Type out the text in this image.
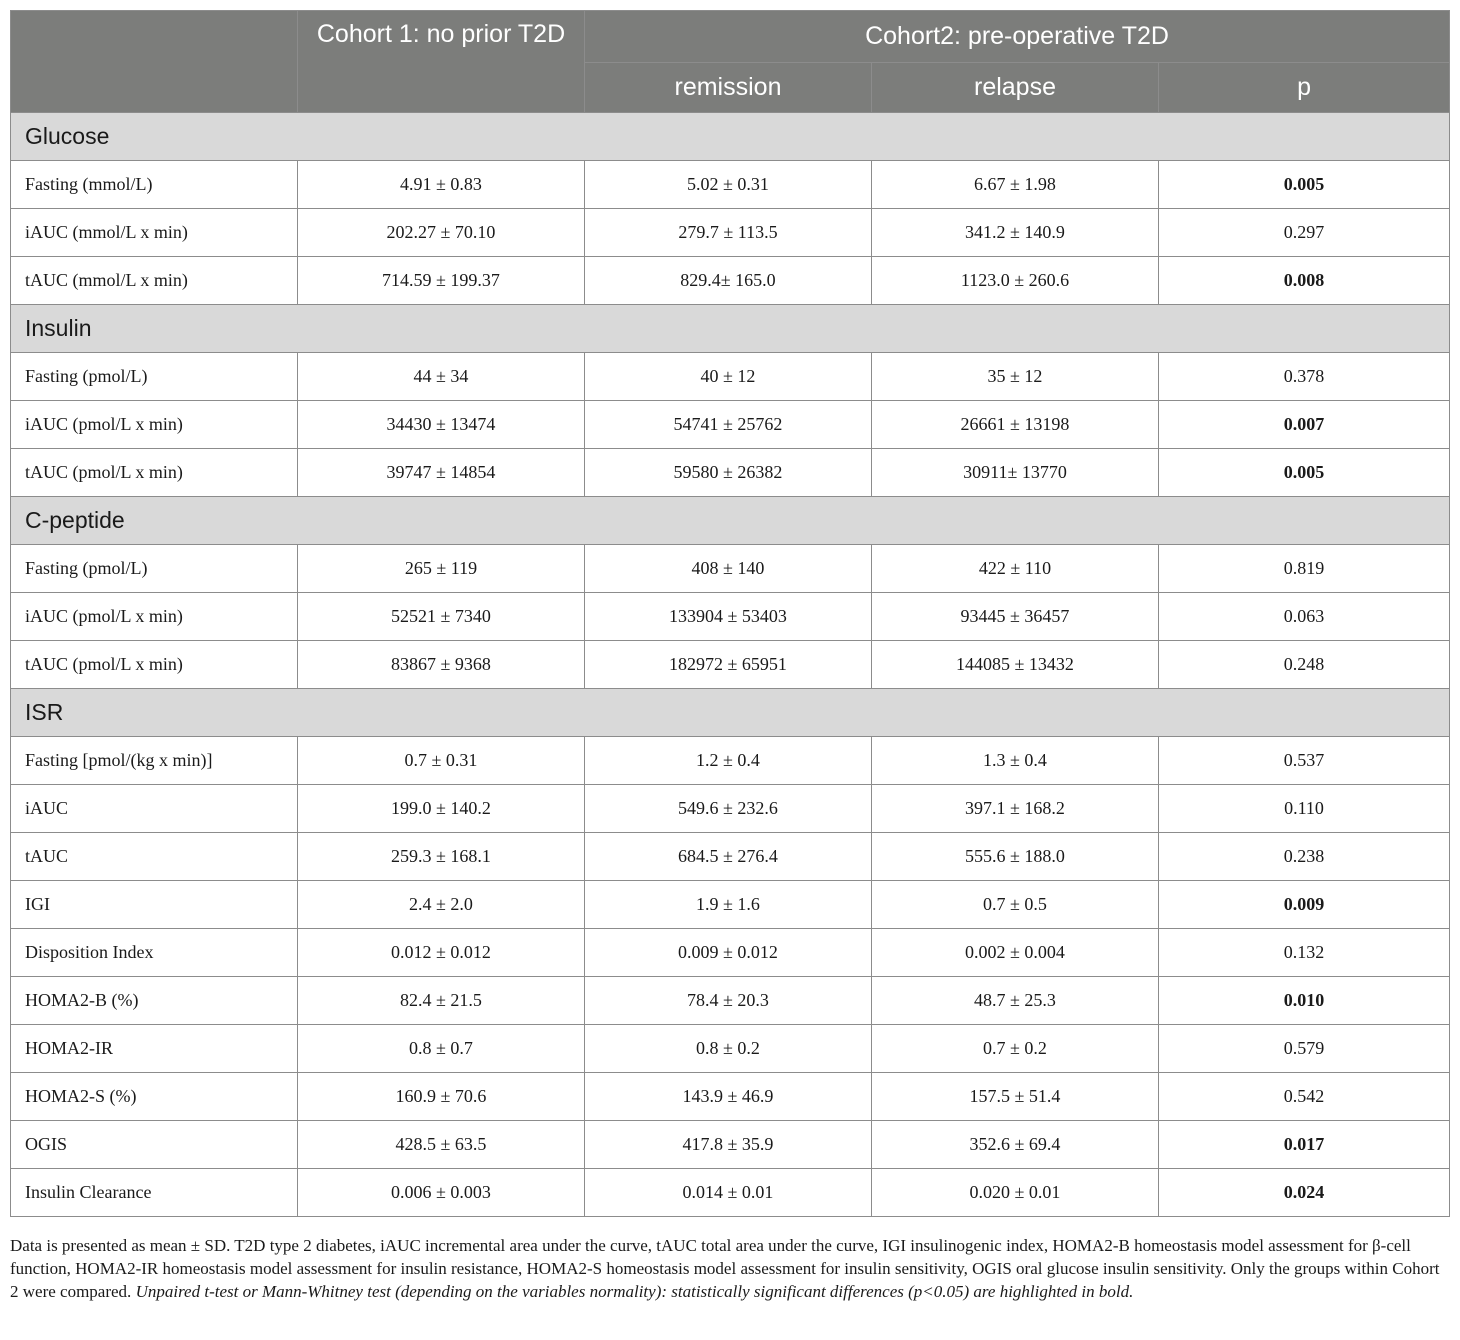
	Cohort 1: no prior T2D	Cohort2: pre-operative T2D		
		remission	relapse	p
Glucose				
Fasting (mmol/L)	4.91 ± 0.83	5.02 ± 0.31	6.67 ± 1.98	0.005
iAUC (mmol/L x min)	202.27 ± 70.10	279.7 ± 113.5	341.2 ± 140.9	0.297
tAUC (mmol/L x min)	714.59 ± 199.37	829.4± 165.0	1123.0 ± 260.6	0.008
Insulin				
Fasting (pmol/L)	44 ± 34	40 ± 12	35 ± 12	0.378
iAUC (pmol/L x min)	34430 ± 13474	54741 ± 25762	26661 ± 13198	0.007
tAUC (pmol/L x min)	39747 ± 14854	59580 ± 26382	30911± 13770	0.005
C-peptide				
Fasting (pmol/L)	265 ± 119	408 ± 140	422 ± 110	0.819
iAUC (pmol/L x min)	52521 ± 7340	133904 ± 53403	93445 ± 36457	0.063
tAUC (pmol/L x min)	83867 ± 9368	182972 ± 65951	144085 ± 13432	0.248
ISR				
Fasting [pmol/(kg x min)]	0.7 ± 0.31	1.2 ± 0.4	1.3 ± 0.4	0.537
iAUC	199.0 ± 140.2	549.6 ± 232.6	397.1 ± 168.2	0.110
tAUC	259.3 ± 168.1	684.5 ± 276.4	555.6 ± 188.0	0.238
IGI	2.4 ± 2.0	1.9 ± 1.6	0.7 ± 0.5	0.009
Disposition Index	0.012 ± 0.012	0.009 ± 0.012	0.002 ± 0.004	0.132
HOMA2-B (%)	82.4 ± 21.5	78.4 ± 20.3	48.7 ± 25.3	0.010
HOMA2-IR	0.8 ± 0.7	0.8 ± 0.2	0.7 ± 0.2	0.579
HOMA2-S (%)	160.9 ± 70.6	143.9 ± 46.9	157.5 ± 51.4	0.542
OGIS	428.5 ± 63.5	417.8 ± 35.9	352.6 ± 69.4	0.017
Insulin Clearance	0.006 ± 0.003	0.014 ± 0.01	0.020 ± 0.01	0.024
Data is presented as mean ± SD. T2D type 2 diabetes, iAUC incremental area under the curve, tAUC total area under the curve, IGI insulinogenic index, HOMA2-B homeostasis model assessment for β-cell function, HOMA2-IR homeostasis model assessment for insulin resistance, HOMA2-S homeostasis model assessment for insulin sensitivity, OGIS oral glucose insulin sensitivity. Only the groups within Cohort 2 were compared. Unpaired t-test or Mann-Whitney test (depending on the variables normality): statistically significant differences (p<0.05) are highlighted in bold.
